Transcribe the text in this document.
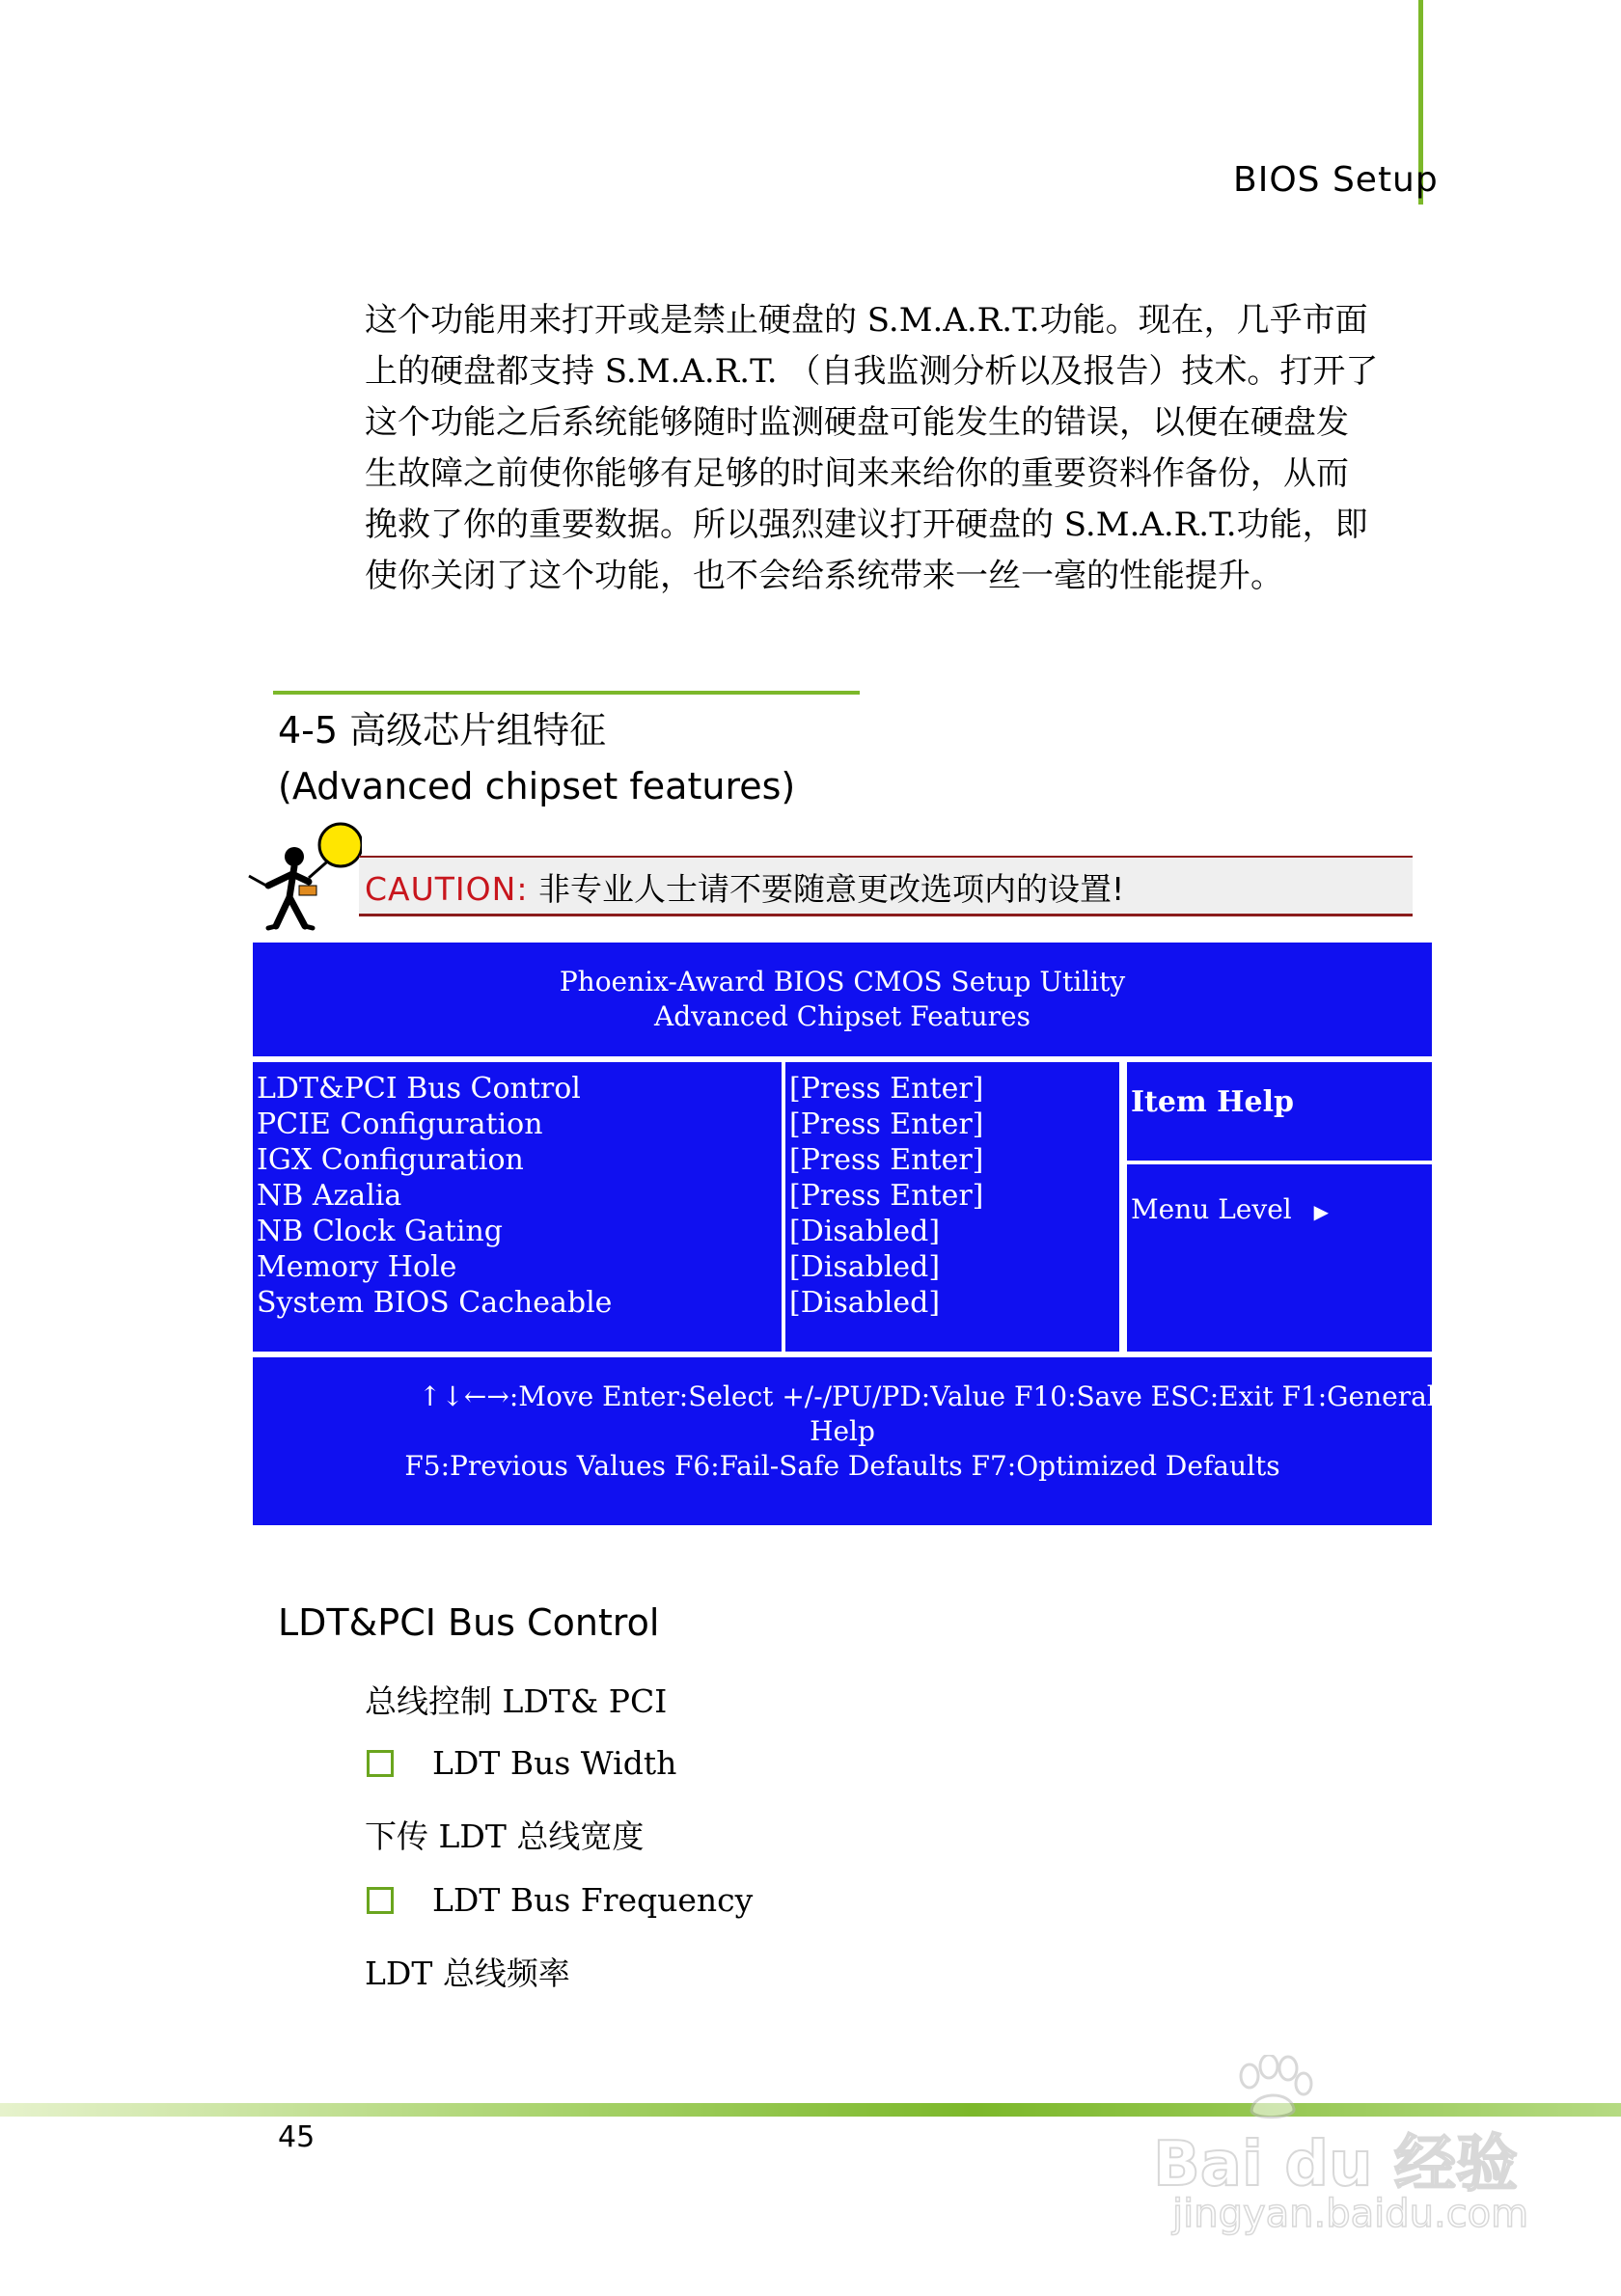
BIOS Setup

这个功能用来打开或是禁止硬盘的 S.M.A.R.T.功能。现在，几乎市面

上的硬盘都支持 S.M.A.R.T. （自我监测分析以及报告）技术。打开了

这个功能之后系统能够随时监测硬盘可能发生的错误，以便在硬盘发

生故障之前使你能够有足够的时间来来给你的重要资料作备份，从而

挽救了你的重要数据。所以强烈建议打开硬盘的 S.M.A.R.T.功能，即

使你关闭了这个功能，也不会给系统带来一丝一毫的性能提升。

4-5 高级芯片组特征
(Advanced chipset features)
CAUTION: 非专业人士请不要随意更改选项内的设置!
Phoenix-Award BIOS CMOS Setup Utility
Advanced Chipset Features
LDT&PCI Bus Control
PCIE Configuration
IGX Configuration
NB Azalia
NB Clock Gating
Memory Hole
System BIOS Cacheable
[Press Enter]
[Press Enter]
[Press Enter]
[Press Enter]
[Disabled]
[Disabled]
[Disabled]
Item Help
Menu Level ▶
↑↓←→:Move Enter:Select +/-/PU/PD:Value F10:Save ESC:Exit F1:General
Help
F5:Previous Values F6:Fail-Safe Defaults F7:Optimized Defaults
LDT&PCI Bus Control
总线控制 LDT& PCI
LDT Bus Width
下传 LDT 总线宽度
LDT Bus Frequency
LDT 总线频率
45	Bai du 经验
jingyan.baidu.com
